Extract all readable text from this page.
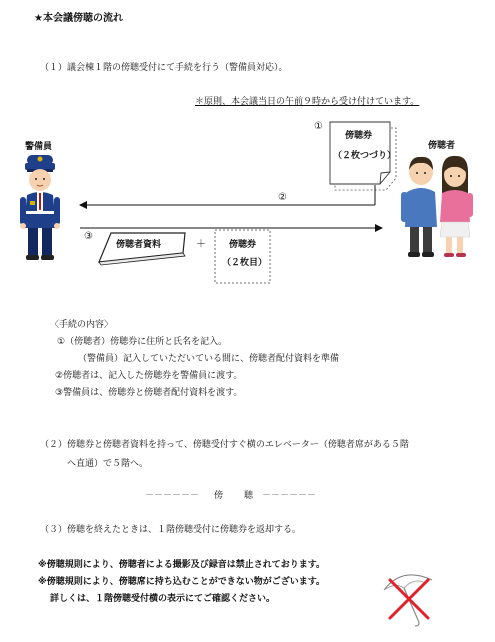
★本会議傍聴の流れ
（１）議会棟１階の傍聴受付にて手続を行う（警備員対応）。
＊原則、本会議当日の午前９時から受け付けています。
警備員	傍聴者
①
傍聴券
（２枚つづり）
②
③
傍聴者資料	＋	傍聴券
（２枚目）
〈手続の内容〉
①（傍聴者）傍聴券に住所と氏名を記入。
（警備員）記入していただいている間に、傍聴者配付資料を準備
②傍聴者は、記入した傍聴券を警備員に渡す。
③警備員は、傍聴券と傍聴者配付資料を渡す。
（２）傍聴券と傍聴者資料を持って、傍聴受付すぐ横のエレベーター（傍聴者席がある５階
へ直通）で５階へ。
－－－－－－ 傍 聴 －－－－－－
（３）傍聴を終えたときは、１階傍聴受付に傍聴券を返却する。
※傍聴規則により、傍聴者による撮影及び録音は禁止されております。
※傍聴規則により、傍聴席に持ち込むことができない物がございます。
詳しくは、１階傍聴受付横の表示にてご確認ください。
